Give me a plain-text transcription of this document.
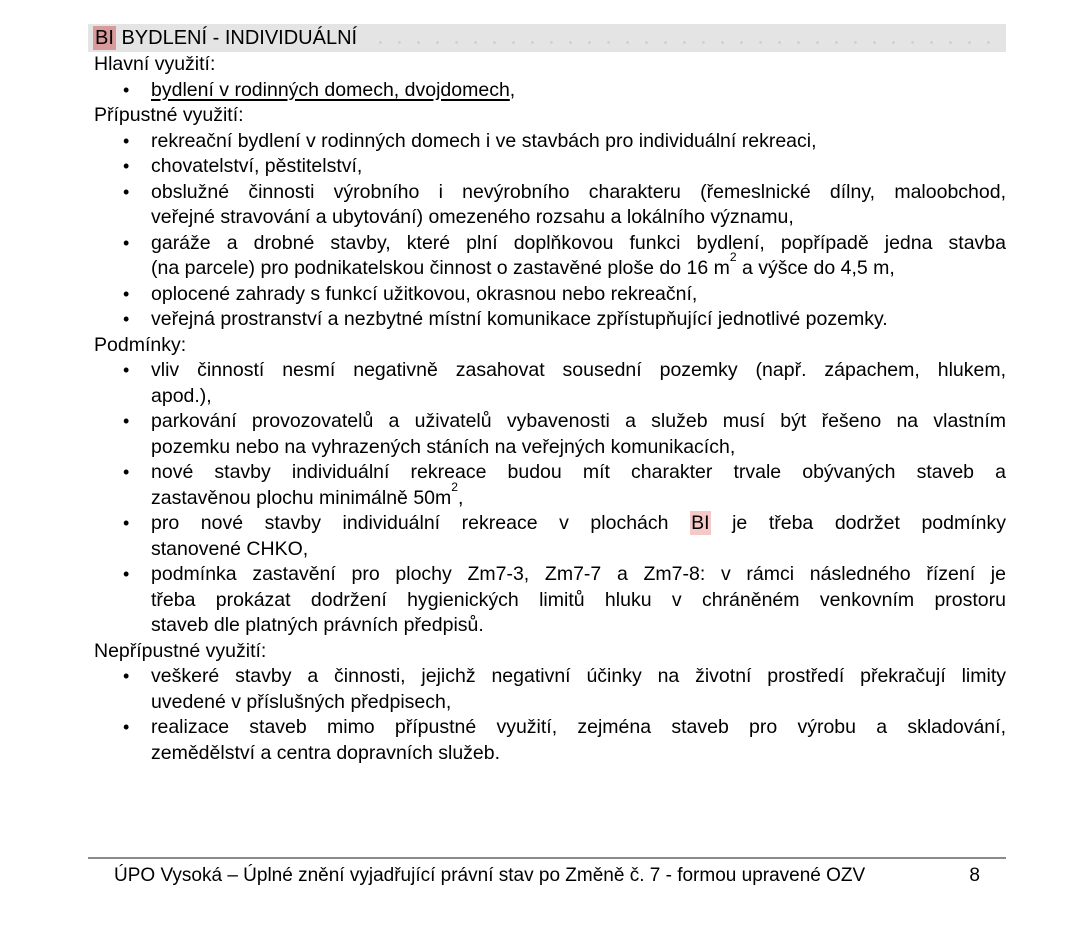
BI BYDLENÍ - INDIVIDUÁLNÍ
Hlavní využití:
• bydlení v rodinných domech, dvojdomech,
Přípustné využití:
• rekreační bydlení v rodinných domech i ve stavbách pro individuální rekreaci,
• chovatelství, pěstitelství,
• obslužné činnosti výrobního i nevýrobního charakteru (řemeslnické dílny, maloobchod,
veřejné stravování a ubytování) omezeného rozsahu a lokálního významu,
• garáže a drobné stavby, které plní doplňkovou funkci bydlení, popřípadě jedna stavba
(na parcele) pro podnikatelskou činnost o zastavěné ploše do 16 $m^2$ a výšce do 4,5 m,
• oplocené zahrady s funkcí užitkovou, okrasnou nebo rekreační,
• veřejná prostranství a nezbytné místní komunikace zpřístupňující jednotlivé pozemky.
Podmínky:
• vliv činností nesmí negativně zasahovat sousední pozemky (např. zápachem, hlukem,
apod.),
• parkování provozovatelů a uživatelů vybavenosti a služeb musí být řešeno na vlastním
pozemku nebo na vyhrazených stáních na veřejných komunikacích,
• nové stavby individuální rekreace budou mít charakter trvale obývaných staveb a
zastavěnou plochu minimálně $50m^2$,
• pro nové stavby individuální rekreace v plochách BI je třeba dodržet podmínky
stanovené CHKO,
• podmínka zastavění pro plochy Zm7-3, Zm7-7 a Zm7-8: v rámci následného řízení je
třeba prokázat dodržení hygienických limitů hluku v chráněném venkovním prostoru
staveb dle platných právních předpisů.
Nepřípustné využití:
• veškeré stavby a činnosti, jejichž negativní účinky na životní prostředí překračují limity
uvedené v příslušných předpisech,
• realizace staveb mimo přípustné využití, zejména staveb pro výrobu a skladování,
zemědělství a centra dopravních služeb.
ÚPO Vysoká – Úplné znění vyjadřující právní stav po Změně č. 7 - formou upravené OZV	8
